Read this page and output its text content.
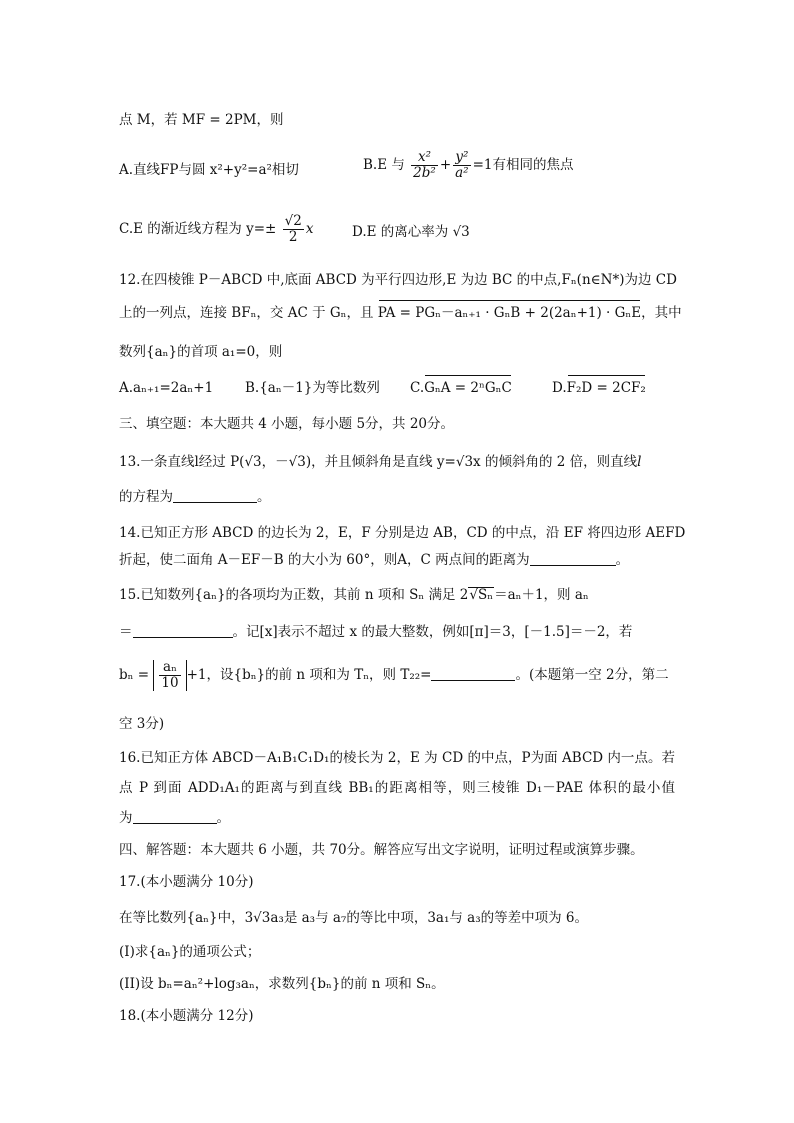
点 M，若 MF = 2PM，则
A.直线FP与圆 x²+y²=a²相切	B.E 与 $\frac{\text{x²}}{\text{2b²}} + \frac{\text{y²}}{\text{a²}} =1$有相同的焦点
C.E 的渐近线方程为 $y=\pm \frac{√2}{2}$ x	D.E 的离心率为 √3
12.在四棱锥 P－ABCD 中,底面 ABCD 为平行四边形,E 为边 BC 的中点,Fₙ(n∈N*)为边 CD
上的一列点，连接 BFₙ，交 AC 于 Gₙ，且 PA = PGₙ－aₙ₊₁ · GₙB + 2(2aₙ+1) · GₙE，其中
数列{aₙ}的首项 a₁=0，则
A.aₙ₊₁=2aₙ+1 B.{aₙ－1}为等比数列 C.GₙA = 2ⁿGₙC	D.F₂D = 2CF₂
三、填空题：本大题共 4 小题，每小题 5分，共 20分。
13.一条直线l经过 P(√3，－√3)，并且倾斜角是直线 y=√3x 的倾斜角的 2 倍，则直线l
的方程为	。
14.已知正方形 ABCD 的边长为 2，E，F 分别是边 AB，CD 的中点，沿 EF 将四边形 AEFD
折起，使二面角 A－EF－B 的大小为 60°，则A，C 两点间的距离为	。
15.已知数列{aₙ}的各项均为正数，其前 n 项和 Sₙ 满足 2√Sₙ＝aₙ＋1，则 aₙ
＝	。记[x]表示不超过 x 的最大整数，例如[π]＝3，[－1.5]＝－2，若
$b_n = \frac{\text{aₙ}}{10} +1$，设{bₙ}的前 n 项和为 Tₙ，则 T₂₂=	。(本题第一空 2分，第二
空 3分)
16.已知正方体 ABCD－A₁B₁C₁D₁的棱长为 2，E 为 CD 的中点，P为面 ABCD 内一点。若
点 P 到面 ADD₁A₁的距离与到直线 BB₁的距离相等，则三棱锥 D₁－PAE 体积的最小值
为	。
四、解答题：本大题共 6 小题，共 70分。解答应写出文字说明，证明过程或演算步骤。
17.(本小题满分 10分)
在等比数列{aₙ}中，3√3a₃是 a₃与 a₇的等比中项，3a₁与 a₃的等差中项为 6。
(I)求{aₙ}的通项公式；
(II)设 bₙ=aₙ²+log₃aₙ，求数列{bₙ}的前 n 项和 Sₙ。
18.(本小题满分 12分)
